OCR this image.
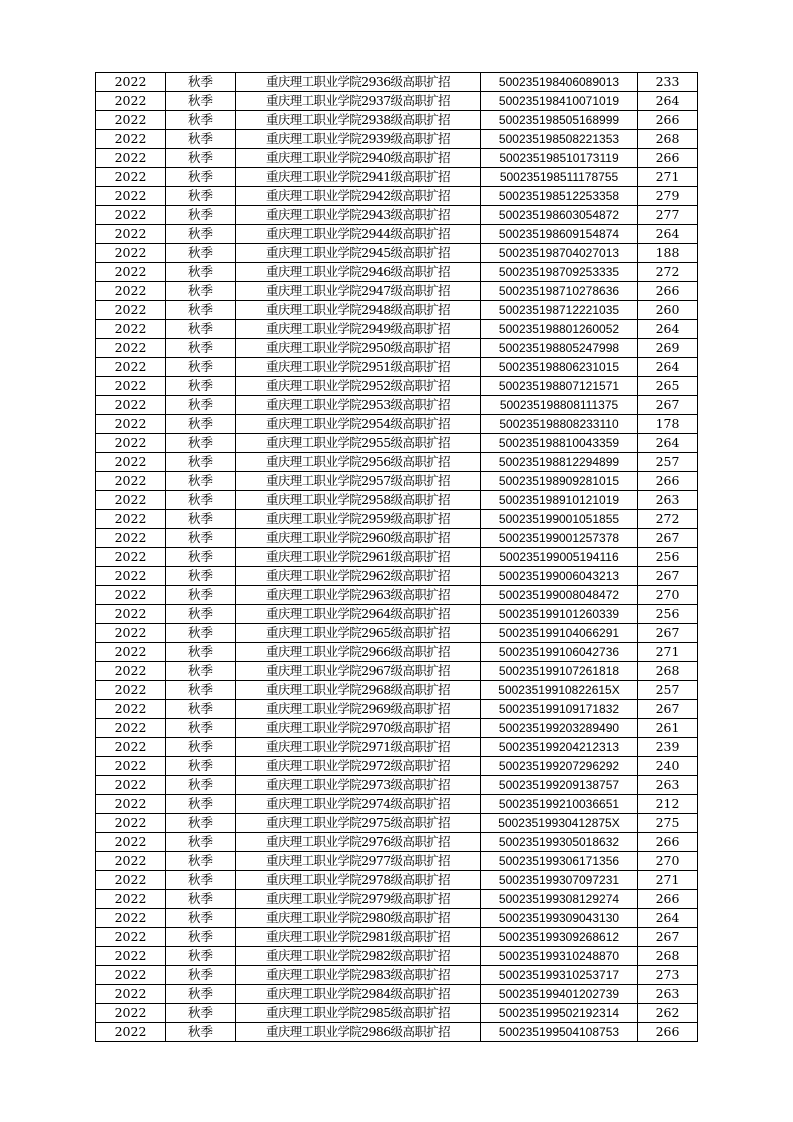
2022	秋季	重庆理工职业学院2936级高职扩招	500235198406089013	233
2022	秋季	重庆理工职业学院2937级高职扩招	500235198410071019	264
2022	秋季	重庆理工职业学院2938级高职扩招	500235198505168999	266
2022	秋季	重庆理工职业学院2939级高职扩招	500235198508221353	268
2022	秋季	重庆理工职业学院2940级高职扩招	500235198510173119	266
2022	秋季	重庆理工职业学院2941级高职扩招	500235198511178755	271
2022	秋季	重庆理工职业学院2942级高职扩招	500235198512253358	279
2022	秋季	重庆理工职业学院2943级高职扩招	500235198603054872	277
2022	秋季	重庆理工职业学院2944级高职扩招	500235198609154874	264
2022	秋季	重庆理工职业学院2945级高职扩招	500235198704027013	188
2022	秋季	重庆理工职业学院2946级高职扩招	500235198709253335	272
2022	秋季	重庆理工职业学院2947级高职扩招	500235198710278636	266
2022	秋季	重庆理工职业学院2948级高职扩招	500235198712221035	260
2022	秋季	重庆理工职业学院2949级高职扩招	500235198801260052	264
2022	秋季	重庆理工职业学院2950级高职扩招	500235198805247998	269
2022	秋季	重庆理工职业学院2951级高职扩招	500235198806231015	264
2022	秋季	重庆理工职业学院2952级高职扩招	500235198807121571	265
2022	秋季	重庆理工职业学院2953级高职扩招	500235198808111375	267
2022	秋季	重庆理工职业学院2954级高职扩招	500235198808233110	178
2022	秋季	重庆理工职业学院2955级高职扩招	500235198810043359	264
2022	秋季	重庆理工职业学院2956级高职扩招	500235198812294899	257
2022	秋季	重庆理工职业学院2957级高职扩招	500235198909281015	266
2022	秋季	重庆理工职业学院2958级高职扩招	500235198910121019	263
2022	秋季	重庆理工职业学院2959级高职扩招	500235199001051855	272
2022	秋季	重庆理工职业学院2960级高职扩招	500235199001257378	267
2022	秋季	重庆理工职业学院2961级高职扩招	500235199005194116	256
2022	秋季	重庆理工职业学院2962级高职扩招	500235199006043213	267
2022	秋季	重庆理工职业学院2963级高职扩招	500235199008048472	270
2022	秋季	重庆理工职业学院2964级高职扩招	500235199101260339	256
2022	秋季	重庆理工职业学院2965级高职扩招	500235199104066291	267
2022	秋季	重庆理工职业学院2966级高职扩招	500235199106042736	271
2022	秋季	重庆理工职业学院2967级高职扩招	500235199107261818	268
2022	秋季	重庆理工职业学院2968级高职扩招	50023519910822615X	257
2022	秋季	重庆理工职业学院2969级高职扩招	500235199109171832	267
2022	秋季	重庆理工职业学院2970级高职扩招	500235199203289490	261
2022	秋季	重庆理工职业学院2971级高职扩招	500235199204212313	239
2022	秋季	重庆理工职业学院2972级高职扩招	500235199207296292	240
2022	秋季	重庆理工职业学院2973级高职扩招	500235199209138757	263
2022	秋季	重庆理工职业学院2974级高职扩招	500235199210036651	212
2022	秋季	重庆理工职业学院2975级高职扩招	50023519930412875X	275
2022	秋季	重庆理工职业学院2976级高职扩招	500235199305018632	266
2022	秋季	重庆理工职业学院2977级高职扩招	500235199306171356	270
2022	秋季	重庆理工职业学院2978级高职扩招	500235199307097231	271
2022	秋季	重庆理工职业学院2979级高职扩招	500235199308129274	266
2022	秋季	重庆理工职业学院2980级高职扩招	500235199309043130	264
2022	秋季	重庆理工职业学院2981级高职扩招	500235199309268612	267
2022	秋季	重庆理工职业学院2982级高职扩招	500235199310248870	268
2022	秋季	重庆理工职业学院2983级高职扩招	500235199310253717	273
2022	秋季	重庆理工职业学院2984级高职扩招	500235199401202739	263
2022	秋季	重庆理工职业学院2985级高职扩招	500235199502192314	262
2022	秋季	重庆理工职业学院2986级高职扩招	500235199504108753	266
